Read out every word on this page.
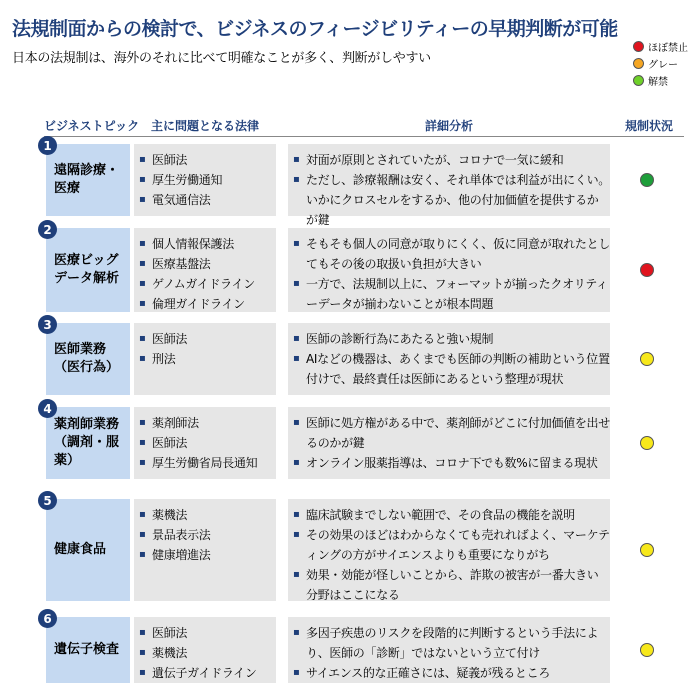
法規制面からの検討で、ビジネスのフィージビリティーの早期判断が可能
日本の法規制は、海外のそれに比べて明確なことが多く、判断がしやすい
ほぼ禁止
グレー
解禁
ビジネストピック 主に問題となる法律	詳細分析	規制状況
遠隔診療・
医療
1
▪ 医師法
▪ 厚生労働通知
▪ 電気通信法
▪ 対面が原則とされていたが、コロナで一気に緩和
▪ ただし、診療報酬は安く、それ単体では利益が出にくい。いかにクロスセルをするか、他の付加価値を提供するかが鍵
医療ビッグ
データ解析
2
▪ 個人情報保護法
▪ 医療基盤法
▪ ゲノムガイドライン
▪ 倫理ガイドライン
▪ そもそも個人の同意が取りにくく、仮に同意が取れたとしてもその後の取扱い負担が大きい
▪ 一方で、法規制以上に、フォーマットが揃ったクオリティーデータが揃わないことが根本問題
医師業務
（医行為）
3
▪ 医師法
▪ 刑法
▪ 医師の診断行為にあたると強い規制
▪ AIなどの機器は、あくまでも医師の判断の補助という位置付けで、最終責任は医師にあるという整理が現状
薬剤師業務
（調剤・服薬）
4
▪ 薬剤師法
▪ 医師法
▪ 厚生労働省局長通知
▪ 医師に処方権がある中で、薬剤師がどこに付加価値を出せるのかが鍵
▪ オンライン服薬指導は、コロナ下でも数%に留まる現状
健康食品
5
▪ 薬機法
▪ 景品表示法
▪ 健康増進法
▪ 臨床試験までしない範囲で、その食品の機能を説明
▪ その効果のほどはわからなくても売れればよく、マーケティングの方がサイエンスよりも重要になりがち
▪ 効果・効能が怪しいことから、詐欺の被害が一番大きい分野はここになる
遺伝子検査
6
▪ 医師法
▪ 薬機法
▪ 遺伝子ガイドライン
▪ 多因子疾患のリスクを段階的に判断するという手法により、医師の「診断」ではないという立て付け
▪ サイエンス的な正確さには、疑義が残るところ
